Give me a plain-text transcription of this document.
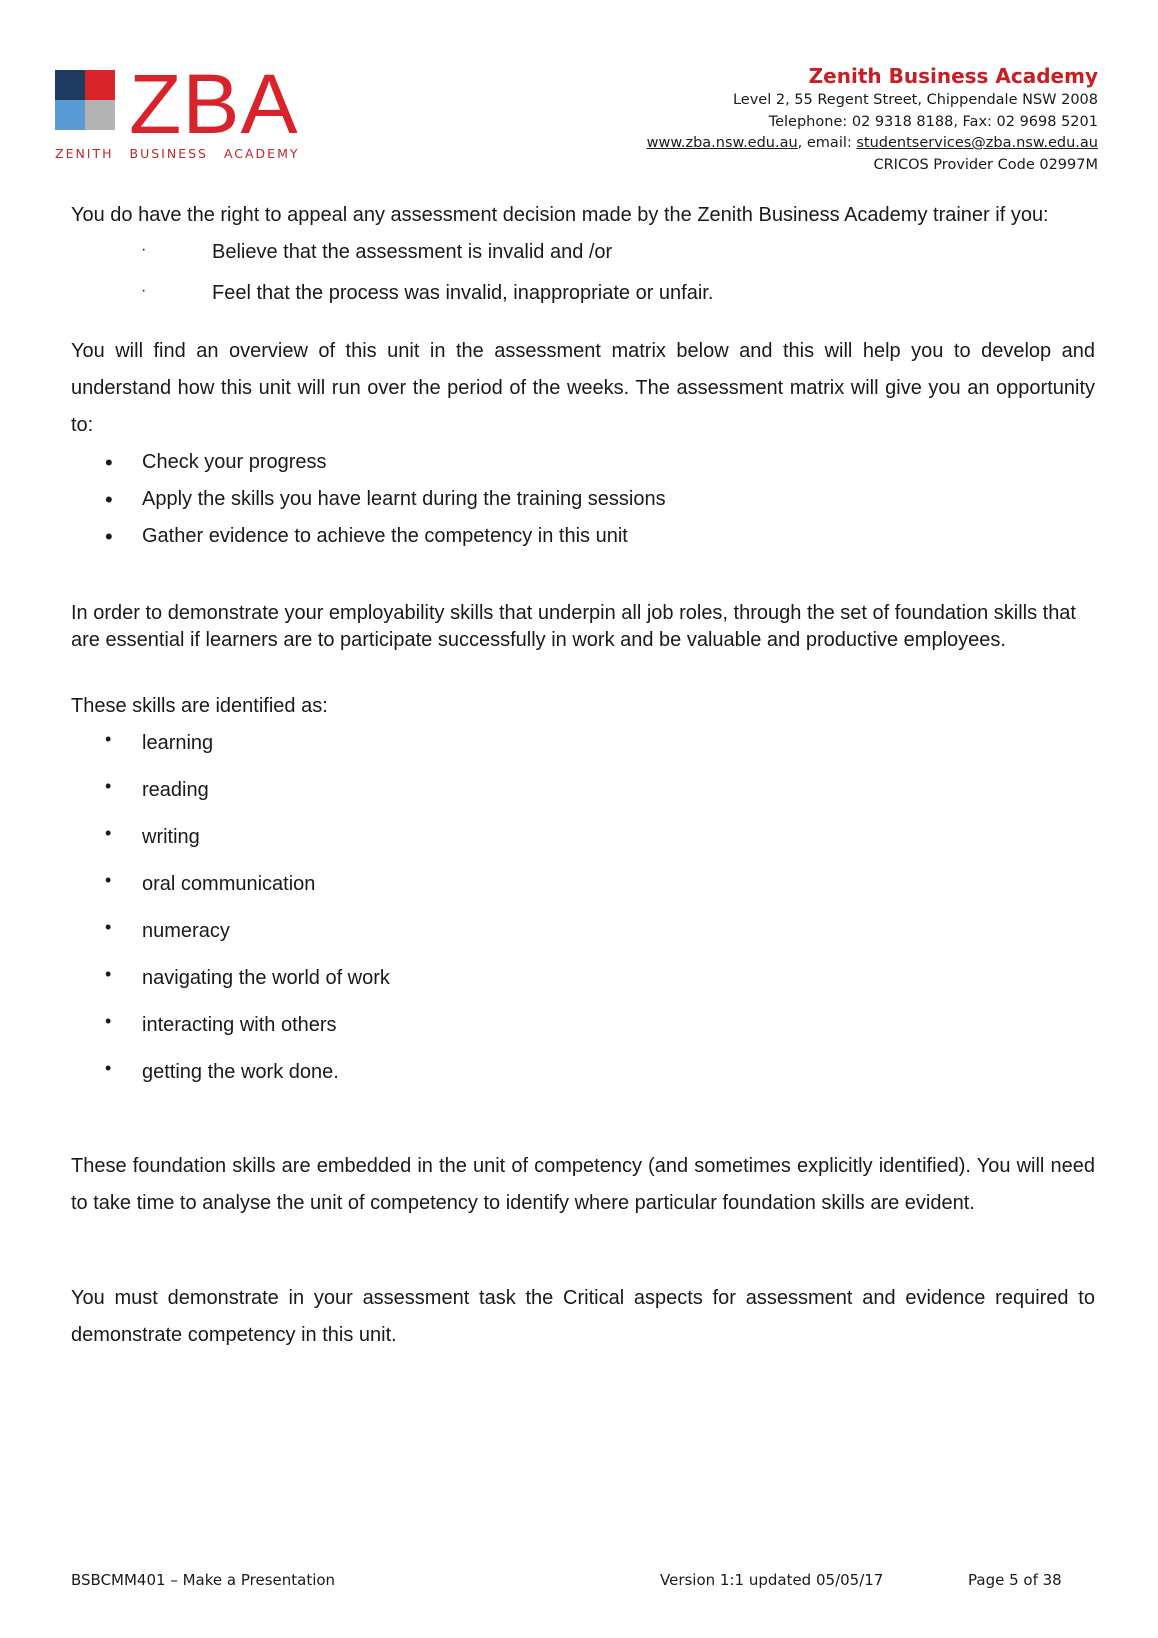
ZBA
ZENITH BUSINESS ACADEMY
Zenith Business Academy
Level 2, 55 Regent Street, Chippendale NSW 2008
Telephone: 02 9318 8188, Fax: 02 9698 5201
www.zba.nsw.edu.au, email: studentservices@zba.nsw.edu.au
CRICOS Provider Code 02997M

You do have the right to appeal any assessment decision made by the Zenith Business Academy trainer if you:

·	Believe that the assessment is invalid and /or
·	Feel that the process was invalid, inappropriate or unfair.

You will find an overview of this unit in the assessment matrix below and this will help you to develop and understand how this unit will run over the period of the weeks. The assessment matrix will give you an opportunity to:

• Check your progress
• Apply the skills you have learnt during the training sessions
• Gather evidence to achieve the competency in this unit

In order to demonstrate your employability skills that underpin all job roles, through the set of foundation skills that are essential if learners are to participate successfully in work and be valuable and productive employees.

These skills are identified as:

• learning
• reading
• writing
• oral communication
• numeracy
• navigating the world of work
• interacting with others
• getting the work done.

These foundation skills are embedded in the unit of competency (and sometimes explicitly identified). You will need to take time to analyse the unit of competency to identify where particular foundation skills are evident.

You must demonstrate in your assessment task the Critical aspects for assessment and evidence required to demonstrate competency in this unit.

BSBCMM401 – Make a Presentation	Version 1:1 updated 05/05/17	Page 5 of 38
